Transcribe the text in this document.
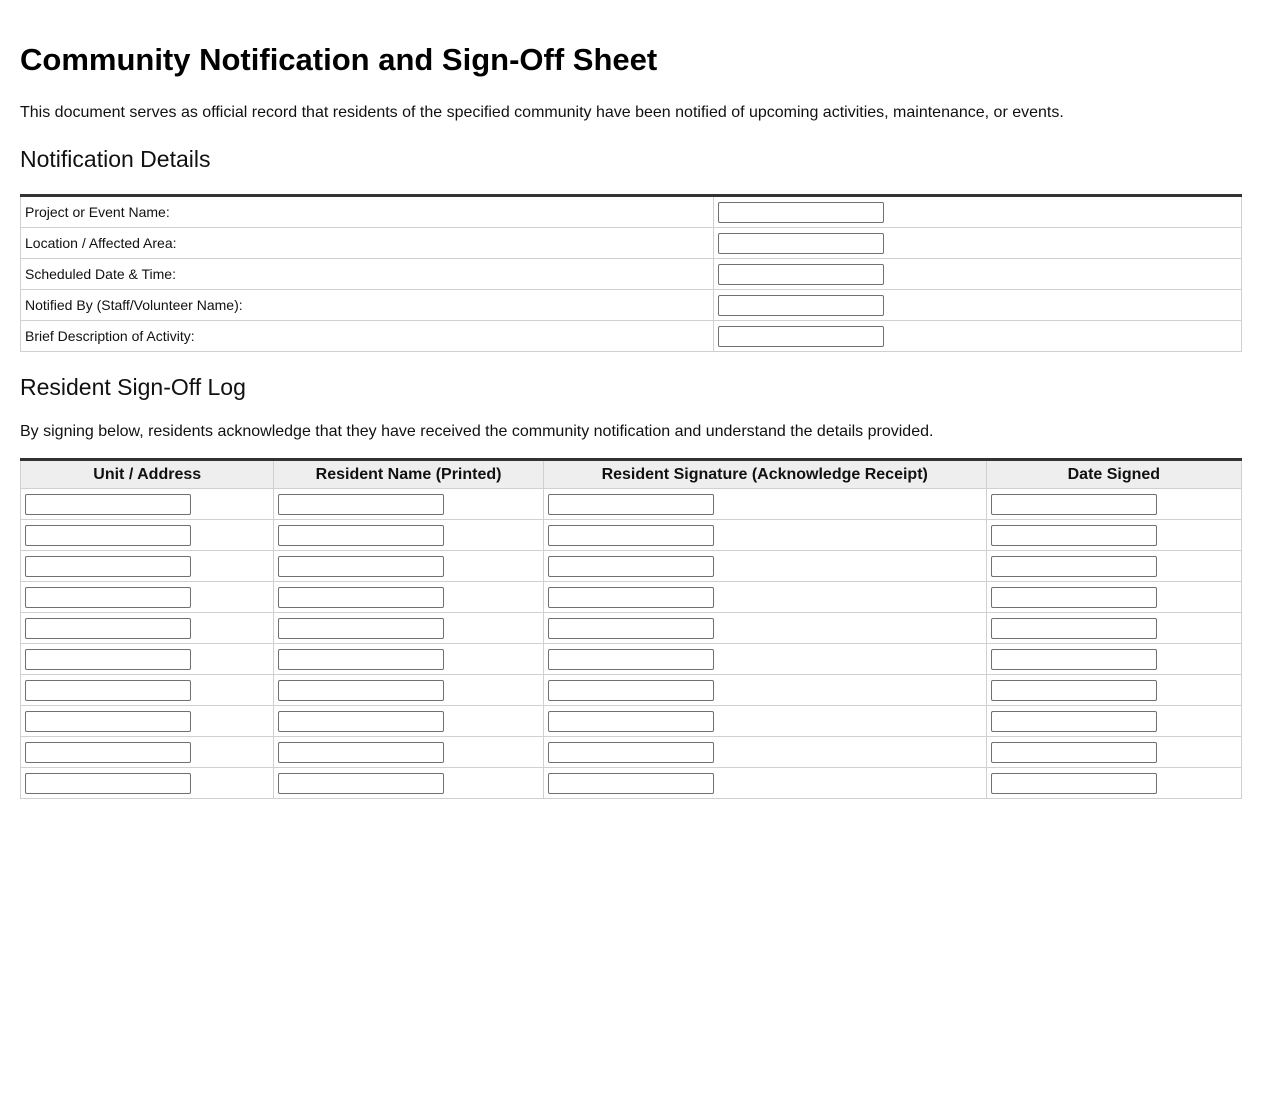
Community Notification and Sign-Off Sheet

This document serves as official record that residents of the specified community have been notified of upcoming activities, maintenance, or events.

Notification Details
Project or Event Name:	

Location / Affected Area:	

Scheduled Date & Time:	

Notified By (Staff/Volunteer Name):	

Brief Description of Activity:	
Resident Sign-Off Log

By signing below, residents acknowledge that they have received the community notification and understand the details provided.

Unit / Address	Resident Name (Printed)	Resident Signature (Acknowledge Receipt)	Date Signed
